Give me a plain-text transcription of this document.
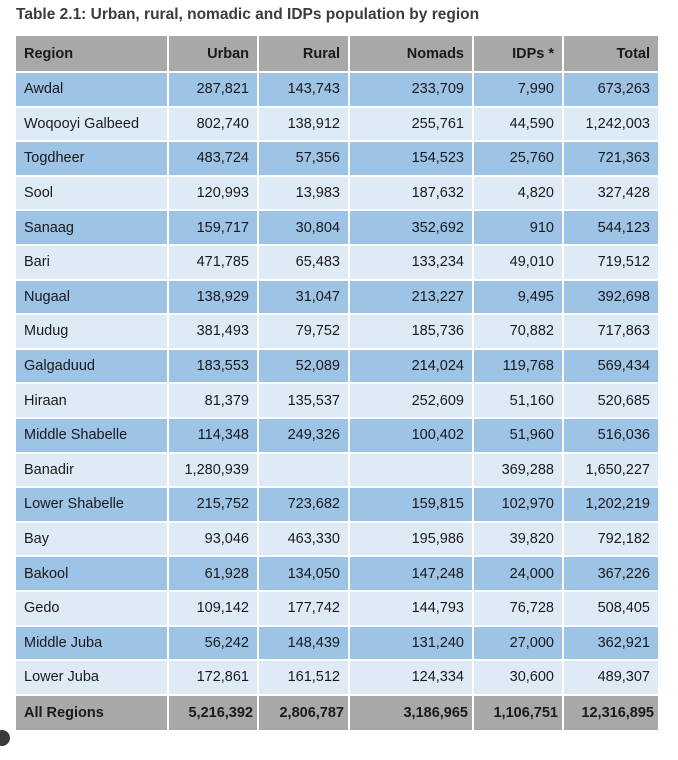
Table 2.1: Urban, rural, nomadic and IDPs population by region
Region	Urban	Rural	Nomads	IDPs *	Total
Awdal	287,821	143,743	233,709	7,990	673,263
Woqooyi Galbeed	802,740	138,912	255,761	44,590	1,242,003
Togdheer	483,724	57,356	154,523	25,760	721,363
Sool	120,993	13,983	187,632	4,820	327,428
Sanaag	159,717	30,804	352,692	910	544,123
Bari	471,785	65,483	133,234	49,010	719,512
Nugaal	138,929	31,047	213,227	9,495	392,698
Mudug	381,493	79,752	185,736	70,882	717,863
Galgaduud	183,553	52,089	214,024	119,768	569,434
Hiraan	81,379	135,537	252,609	51,160	520,685
Middle Shabelle	114,348	249,326	100,402	51,960	516,036
Banadir	1,280,939			369,288	1,650,227
Lower Shabelle	215,752	723,682	159,815	102,970	1,202,219
Bay	93,046	463,330	195,986	39,820	792,182
Bakool	61,928	134,050	147,248	24,000	367,226
Gedo	109,142	177,742	144,793	76,728	508,405
Middle Juba	56,242	148,439	131,240	27,000	362,921
Lower Juba	172,861	161,512	124,334	30,600	489,307
All Regions	5,216,392	2,806,787	3,186,965	1,106,751	12,316,895
